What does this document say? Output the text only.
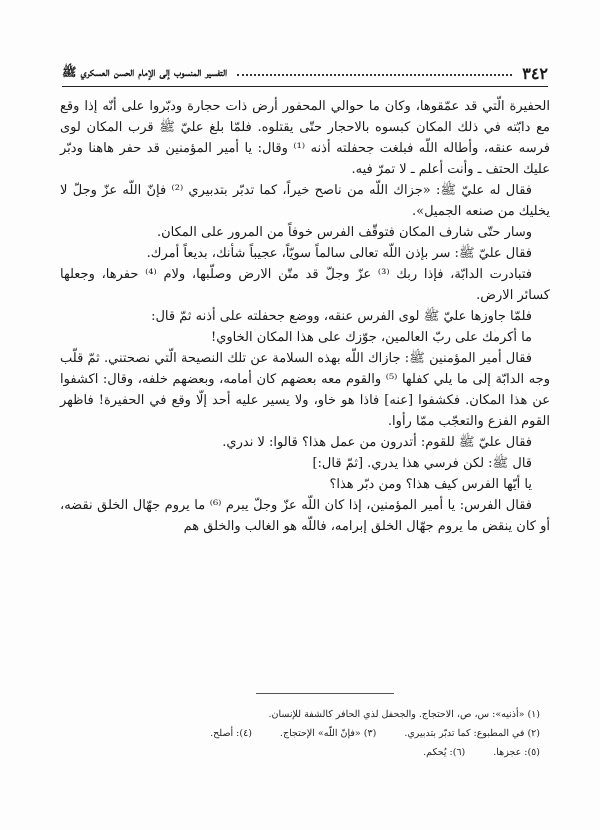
٣٤٢
التفسير المنسوب إلى الإمام الحسن العسكري ﷺ

الحفيرة الّتي قد عمّقوها، وكان ما حوالي المحفور أرض ذات حجارة ودبّروا على أنّه إذا وقع مع دابّته في ذلك المكان كبسوه بالاحجار حتّى يقتلوه. فلمّا بلغ عليّ ﷺ قرب المكان لوى فرسه عنقه، وأطاله اللّه فبلغت جحفلته أذنه ⁽¹⁾ وقال: يا أمير المؤمنين قد حفر هاهنا ودبّر عليك الحتف ـ وأنت أعلم ـ لا تمرّ فيه.

فقال له عليّ ﷺ: «جزاك اللّه من ناصح خيراً، كما تدبّر بتدبيري ⁽²⁾ فإنّ اللّه عزّ وجلّ لا يخليك من صنعه الجميل».

وسار حتّى شارف المكان فتوقّف الفرس خوفاً من المرور على المكان.

فقال عليّ ﷺ: سر بإذن اللّه تعالى سالماً سويّاً، عجيباً شأنك، بديعاً أمرك.

فتبادرت الدابّة، فإذا ربك ⁽³⁾ عزّ وجلّ قد متّن الارض وصلّبها، ولام ⁽⁴⁾ حفرها، وجعلها كسائر الارض.

فلمّا جاوزها عليّ ﷺ لوى الفرس عنقه، ووضع جحفلته على أذنه ثمّ قال:

ما أكرمك على ربّ العالمين، جوّزك على هذا المكان الخاوي!

فقال أمير المؤمنين ﷺ: جازاك اللّه بهذه السلامة عن تلك النصيحة الّتي نصحتني. ثمّ قلّب وجه الدابّة إلى ما يلي كفلها ⁽⁵⁾ والقوم معه بعضهم كان أمامه، وبعضهم خلفه، وقال: اكشفوا عن هذا المكان. فكشفوا [عنه] فاذا هو خاو، ولا يسير عليه أحد إلّا وقع في الحفيرة! فاظهر القوم الفزع والتعجّب ممّا رأوا.

فقال عليّ ﷺ للقوم: أتدرون من عمل هذا؟ قالوا: لا ندري.

قال ﷺ: لكن فرسي هذا يدري. [ثمّ قال:]

يا أيّها الفرس كيف هذا؟ ومن دبّر هذا؟

فقال الفرس: يا أمير المؤمنين، إذا كان اللّه عزّ وجلّ يبرم ⁽⁶⁾ ما يروم جهّال الخلق نقضه، أو كان ينقض ما يروم جهّال الخلق إبرامه، فاللّه هو الغالب والخلق هم

(١) «أذنيه»: س، ص، الاحتجاج. والجحفل لذي الحافر كالشفة للإنسان.
(٢) في المطبوع: كما تدبّر بتدبيري.
(٣) «فإنّ اللّه» الإحتجاج.
(٤): أصلح.
(٥): عجزها.
(٦): يُحكم.
